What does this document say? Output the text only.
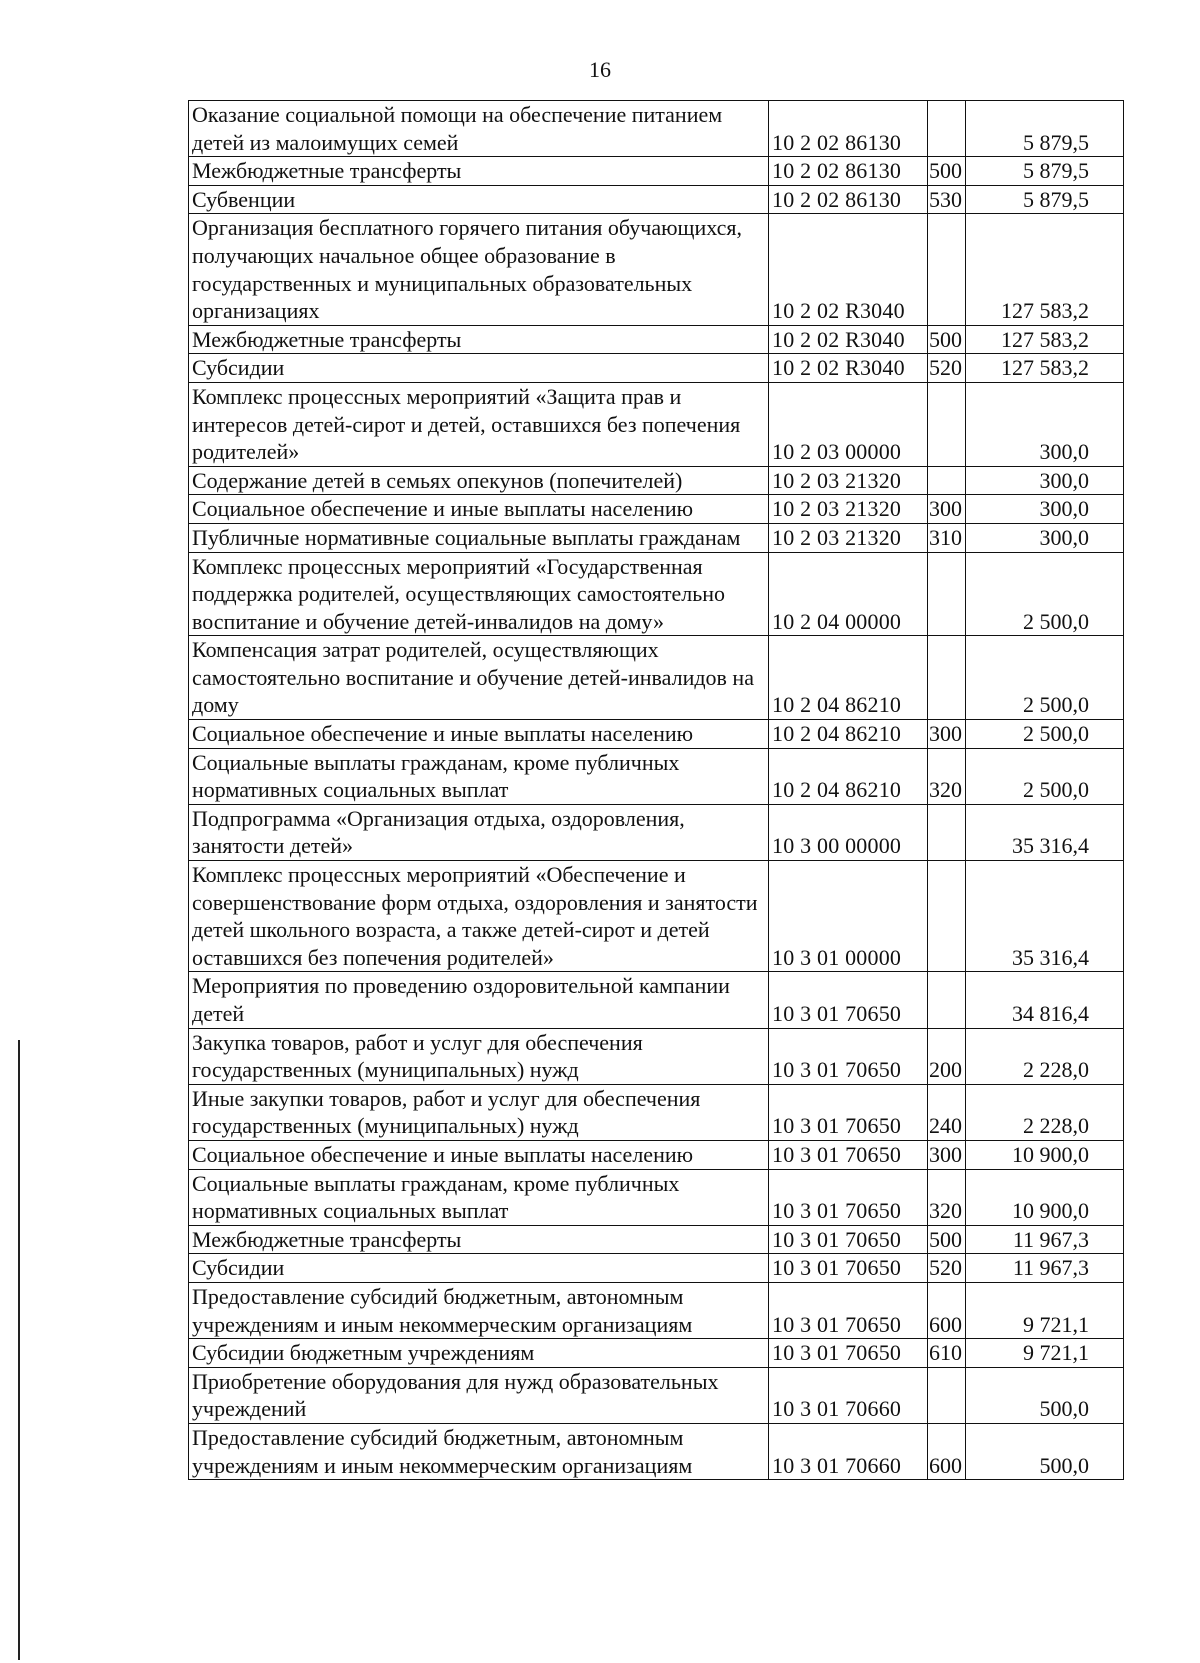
16
Оказание социальной помощи на обеспечение питанием детей из малоимущих семей	10 2 02 86130		5 879,5
Межбюджетные трансферты	10 2 02 86130	500	5 879,5
Субвенции	10 2 02 86130	530	5 879,5
Организация бесплатного горячего питания обучающихся, получающих начальное общее образование в государственных и муниципальных образовательных организациях	10 2 02 R3040		127 583,2
Межбюджетные трансферты	10 2 02 R3040	500	127 583,2
Субсидии	10 2 02 R3040	520	127 583,2
Комплекс процессных мероприятий «Защита прав и интересов детей-сирот и детей, оставшихся без попечения родителей»	10 2 03 00000		300,0
Содержание детей в семьях опекунов (попечителей)	10 2 03 21320		300,0
Социальное обеспечение и иные выплаты населению	10 2 03 21320	300	300,0
Публичные нормативные социальные выплаты гражданам	10 2 03 21320	310	300,0
Комплекс процессных мероприятий «Государственная поддержка родителей, осуществляющих самостоятельно воспитание и обучение детей-инвалидов на дому»	10 2 04 00000		2 500,0
Компенсация затрат родителей, осуществляющих самостоятельно воспитание и обучение детей-инвалидов на дому	10 2 04 86210		2 500,0
Социальное обеспечение и иные выплаты населению	10 2 04 86210	300	2 500,0
Социальные выплаты гражданам, кроме публичных нормативных социальных выплат	10 2 04 86210	320	2 500,0
Подпрограмма «Организация отдыха, оздоровления, занятости детей»	10 3 00 00000		35 316,4
Комплекс процессных мероприятий «Обеспечение и совершенствование форм отдыха, оздоровления и занятости детей школьного возраста, а также детей-сирот и детей оставшихся без попечения родителей»	10 3 01 00000		35 316,4
Мероприятия по проведению оздоровительной кампании детей	10 3 01 70650		34 816,4
Закупка товаров, работ и услуг для обеспечения государственных (муниципальных) нужд	10 3 01 70650	200	2 228,0
Иные закупки товаров, работ и услуг для обеспечения государственных (муниципальных) нужд	10 3 01 70650	240	2 228,0
Социальное обеспечение и иные выплаты населению	10 3 01 70650	300	10 900,0
Социальные выплаты гражданам, кроме публичных нормативных социальных выплат	10 3 01 70650	320	10 900,0
Межбюджетные трансферты	10 3 01 70650	500	11 967,3
Субсидии	10 3 01 70650	520	11 967,3
Предоставление субсидий бюджетным, автономным учреждениям и иным некоммерческим организациям	10 3 01 70650	600	9 721,1
Субсидии бюджетным учреждениям	10 3 01 70650	610	9 721,1
Приобретение оборудования для нужд образовательных учреждений	10 3 01 70660		500,0
Предоставление субсидий бюджетным, автономным учреждениям и иным некоммерческим организациям	10 3 01 70660	600	500,0
